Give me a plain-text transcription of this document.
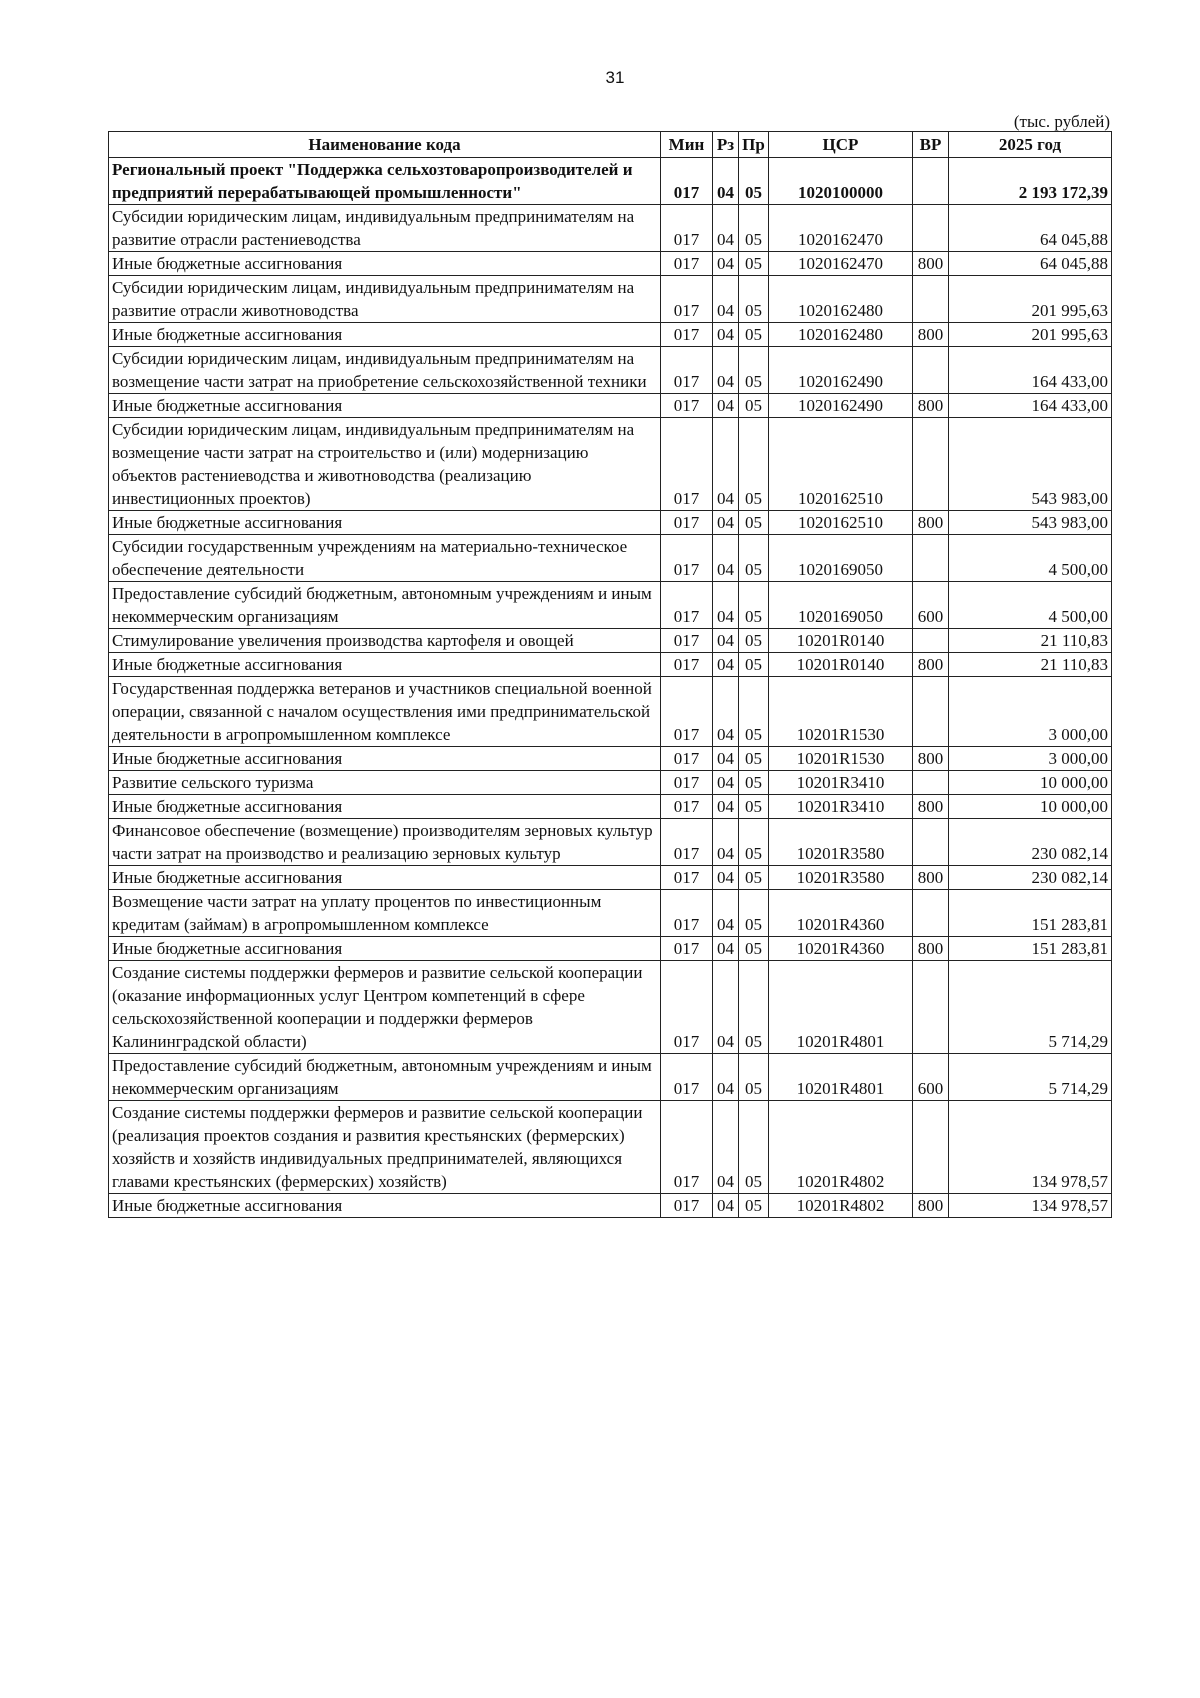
31
(тыс. рублей)
Наименование кода	Мин	Рз	Пр	ЦСР	ВР	2025 год
Региональный проект "Поддержка сельхозтоваропроизводителей и предприятий перерабатывающей промышленности"	017	04	05	1020100000		2 193 172,39
Субсидии юридическим лицам, индивидуальным предпринимателям на развитие отрасли растениеводства	017	04	05	1020162470		64 045,88
Иные бюджетные ассигнования	017	04	05	1020162470	800	64 045,88
Субсидии юридическим лицам, индивидуальным предпринимателям на развитие отрасли животноводства	017	04	05	1020162480		201 995,63
Иные бюджетные ассигнования	017	04	05	1020162480	800	201 995,63
Субсидии юридическим лицам, индивидуальным предпринимателям на возмещение части затрат на приобретение сельскохозяйственной техники	017	04	05	1020162490		164 433,00
Иные бюджетные ассигнования	017	04	05	1020162490	800	164 433,00
Субсидии юридическим лицам, индивидуальным предпринимателям на возмещение части затрат на строительство и (или) модернизацию объектов растениеводства и животноводства (реализацию инвестиционных проектов)	017	04	05	1020162510		543 983,00
Иные бюджетные ассигнования	017	04	05	1020162510	800	543 983,00
Субсидии государственным учреждениям на материально-техническое обеспечение деятельности	017	04	05	1020169050		4 500,00
Предоставление субсидий бюджетным, автономным учреждениям и иным некоммерческим организациям	017	04	05	1020169050	600	4 500,00
Стимулирование увеличения производства картофеля и овощей	017	04	05	10201R0140		21 110,83
Иные бюджетные ассигнования	017	04	05	10201R0140	800	21 110,83
Государственная поддержка ветеранов и участников специальной военной операции, связанной с началом осуществления ими предпринимательской деятельности в агропромышленном комплексе	017	04	05	10201R1530		3 000,00
Иные бюджетные ассигнования	017	04	05	10201R1530	800	3 000,00
Развитие сельского туризма	017	04	05	10201R3410		10 000,00
Иные бюджетные ассигнования	017	04	05	10201R3410	800	10 000,00
Финансовое обеспечение (возмещение) производителям зерновых культур части затрат на производство и реализацию зерновых культур	017	04	05	10201R3580		230 082,14
Иные бюджетные ассигнования	017	04	05	10201R3580	800	230 082,14
Возмещение части затрат на уплату процентов по инвестиционным кредитам (займам) в агропромышленном комплексе	017	04	05	10201R4360		151 283,81
Иные бюджетные ассигнования	017	04	05	10201R4360	800	151 283,81
Создание системы поддержки фермеров и развитие сельской кооперации (оказание информационных услуг Центром компетенций в сфере сельскохозяйственной кооперации и поддержки фермеров Калининградской области)	017	04	05	10201R4801		5 714,29
Предоставление субсидий бюджетным, автономным учреждениям и иным некоммерческим организациям	017	04	05	10201R4801	600	5 714,29
Создание системы поддержки фермеров и развитие сельской кооперации (реализация проектов создания и развития крестьянских (фермерских) хозяйств и хозяйств индивидуальных предпринимателей, являющихся главами крестьянских (фермерских) хозяйств)	017	04	05	10201R4802		134 978,57
Иные бюджетные ассигнования	017	04	05	10201R4802	800	134 978,57
